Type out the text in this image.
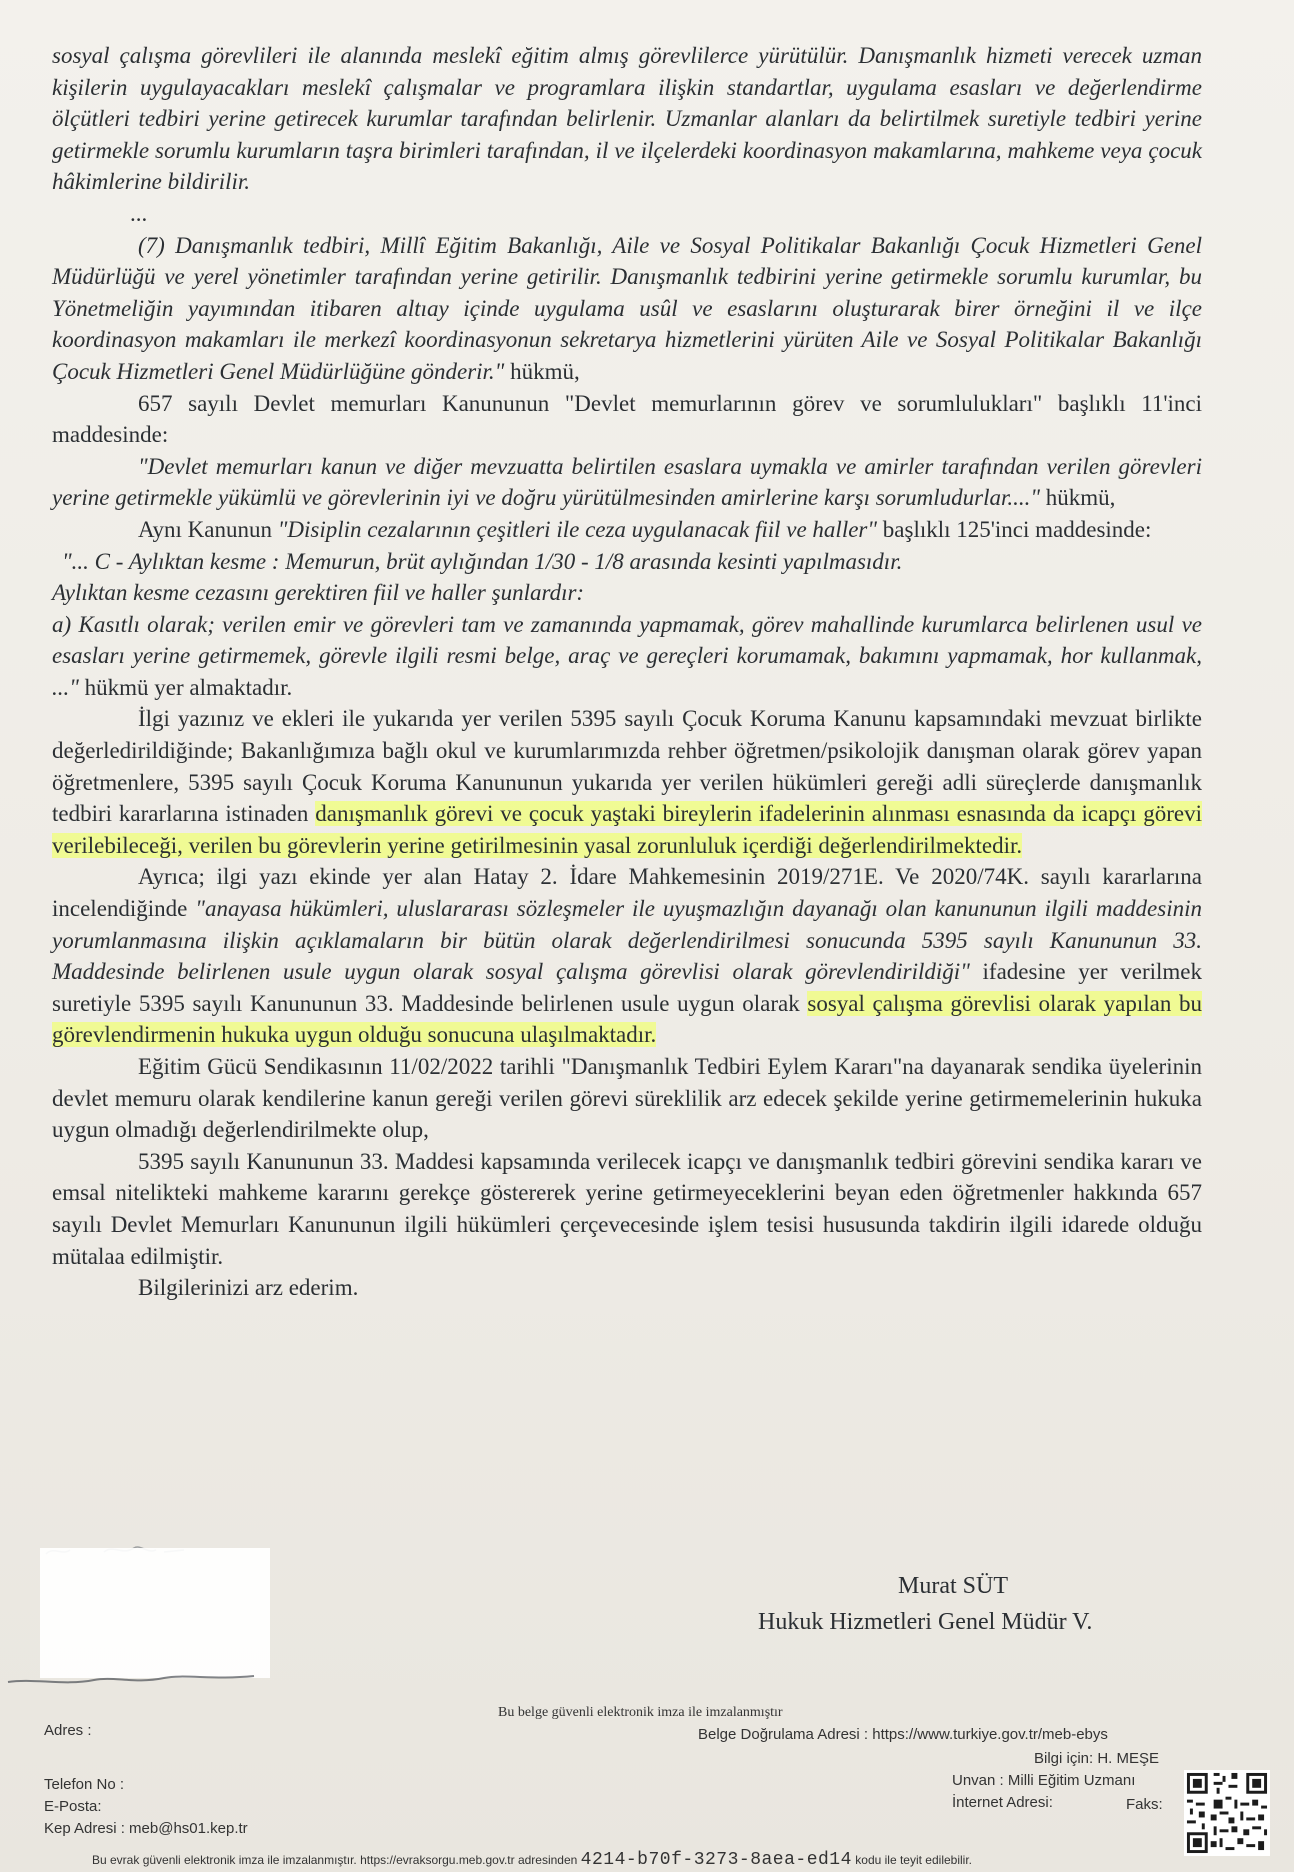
sosyal çalışma görevlileri ile alanında meslekî eğitim almış görevlilerce yürütülür. Danışmanlık hizmeti verecek uzman kişilerin uygulayacakları meslekî çalışmalar ve programlara ilişkin standartlar, uygulama esasları ve değerlendirme ölçütleri tedbiri yerine getirecek kurumlar tarafından belirlenir. Uzmanlar alanları da belirtilmek suretiyle tedbiri yerine getirmekle sorumlu kurumların taşra birimleri tarafından, il ve ilçelerdeki koordinasyon makamlarına, mahkeme veya çocuk hâkimlerine bildirilir.

...

(7) Danışmanlık tedbiri, Millî Eğitim Bakanlığı, Aile ve Sosyal Politikalar Bakanlığı Çocuk Hizmetleri Genel Müdürlüğü ve yerel yönetimler tarafından yerine getirilir. Danışmanlık tedbirini yerine getirmekle sorumlu kurumlar, bu Yönetmeliğin yayımından itibaren altıay içinde uygulama usûl ve esaslarını oluşturarak birer örneğini il ve ilçe koordinasyon makamları ile merkezî koordinasyonun sekretarya hizmetlerini yürüten Aile ve Sosyal Politikalar Bakanlığı Çocuk Hizmetleri Genel Müdürlüğüne gönderir." hükmü,

657 sayılı Devlet memurları Kanununun "Devlet memurlarının görev ve sorumlulukları" başlıklı 11'inci maddesinde:

"Devlet memurları kanun ve diğer mevzuatta belirtilen esaslara uymakla ve amirler tarafından verilen görevleri yerine getirmekle yükümlü ve görevlerinin iyi ve doğru yürütülmesinden amirlerine karşı sorumludurlar...." hükmü,

Aynı Kanunun "Disiplin cezalarının çeşitleri ile ceza uygulanacak fiil ve haller" başlıklı 125'inci maddesinde:

"... C - Aylıktan kesme : Memurun, brüt aylığından 1/30 - 1/8 arasında kesinti yapılmasıdır.

Aylıktan kesme cezasını gerektiren fiil ve haller şunlardır:

a) Kasıtlı olarak; verilen emir ve görevleri tam ve zamanında yapmamak, görev mahallinde kurumlarca belirlenen usul ve esasları yerine getirmemek, görevle ilgili resmi belge, araç ve gereçleri korumamak, bakımını yapmamak, hor kullanmak, ..." hükmü yer almaktadır.

İlgi yazınız ve ekleri ile yukarıda yer verilen 5395 sayılı Çocuk Koruma Kanunu kapsamındaki mevzuat birlikte değerledirildiğinde; Bakanlığımıza bağlı okul ve kurumlarımızda rehber öğretmen/psikolojik danışman olarak görev yapan öğretmenlere, 5395 sayılı Çocuk Koruma Kanununun yukarıda yer verilen hükümleri gereği adli süreçlerde danışmanlık tedbiri kararlarına istinaden danışmanlık görevi ve çocuk yaştaki bireylerin ifadelerinin alınması esnasında da icapçı görevi verilebileceği, verilen bu görevlerin yerine getirilmesinin yasal zorunluluk içerdiği değerlendirilmektedir.

Ayrıca; ilgi yazı ekinde yer alan Hatay 2. İdare Mahkemesinin 2019/271E. Ve 2020/74K. sayılı kararlarına incelendiğinde "anayasa hükümleri, uluslararası sözleşmeler ile uyuşmazlığın dayanağı olan kanununun ilgili maddesinin yorumlanmasına ilişkin açıklamaların bir bütün olarak değerlendirilmesi sonucunda 5395 sayılı Kanununun 33. Maddesinde belirlenen usule uygun olarak sosyal çalışma görevlisi olarak görevlendirildiği" ifadesine yer verilmek suretiyle 5395 sayılı Kanununun 33. Maddesinde belirlenen usule uygun olarak sosyal çalışma görevlisi olarak yapılan bu görevlendirmenin hukuka uygun olduğu sonucuna ulaşılmaktadır.

Eğitim Gücü Sendikasının 11/02/2022 tarihli "Danışmanlık Tedbiri Eylem Kararı"na dayanarak sendika üyelerinin devlet memuru olarak kendilerine kanun gereği verilen görevi süreklilik arz edecek şekilde yerine getirmemelerinin hukuka uygun olmadığı değerlendirilmekte olup,

5395 sayılı Kanununun 33. Maddesi kapsamında verilecek icapçı ve danışmanlık tedbiri görevini sendika kararı ve emsal nitelikteki mahkeme kararını gerekçe göstererek yerine getirmeyeceklerini beyan eden öğretmenler hakkında 657 sayılı Devlet Memurları Kanununun ilgili hükümleri çerçevecesinde işlem tesisi hususunda takdirin ilgili idarede olduğu mütalaa edilmiştir.

Bilgilerinizi arz ederim.

Murat SÜT
Hukuk Hizmetleri Genel Müdür V.
Bu belge güvenli elektronik imza ile imzalanmıştır
Adres :	Belge Doğrulama Adresi : https://www.turkiye.gov.tr/meb-ebys
Bilgi için: H. MEŞE
Unvan : Milli Eğitim Uzmanı
İnternet Adresi:	Faks:
Telefon No :
E-Posta:
Kep Adresi : meb@hs01.kep.tr
Bu evrak güvenli elektronik imza ile imzalanmıştır. https://evraksorgu.meb.gov.tr adresinden 4214-b70f-3273-8aea-ed14 kodu ile teyit edilebilir.
